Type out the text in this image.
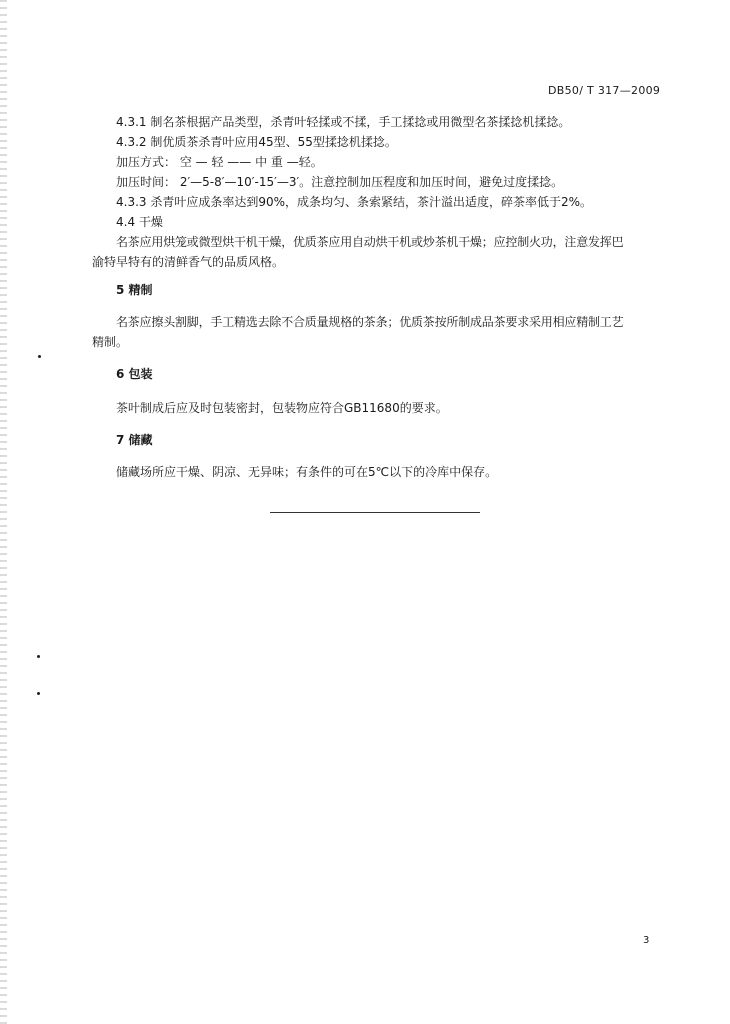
DB50/ T 317—2009
4.3.1 制名茶根据产品类型，杀青叶轻揉或不揉，手工揉捻或用微型名茶揉捻机揉捻。
4.3.2 制优质茶杀青叶应用45型、55型揉捻机揉捻。
加压方式： 空 — 轻 —— 中 重 —轻。
加压时间： 2′—5-8′—10′-15′—3′。注意控制加压程度和加压时间，避免过度揉捻。
4.3.3 杀青叶应成条率达到90%，成条均匀、条索紧结，茶汁溢出适度，碎茶率低于2%。
4.4 干燥
名茶应用烘笼或微型烘干机干燥，优质茶应用自动烘干机或炒茶机干燥；应控制火功，注意发挥巴
渝特早特有的清鲜香气的品质风格。
5 精制
名茶应擦头割脚，手工精选去除不合质量规格的茶条；优质茶按所制成品茶要求采用相应精制工艺
精制。
6 包装
茶叶制成后应及时包装密封，包装物应符合GB11680的要求。
7 储藏
储藏场所应干燥、阴凉、无异味；有条件的可在5℃以下的冷库中保存。
3
